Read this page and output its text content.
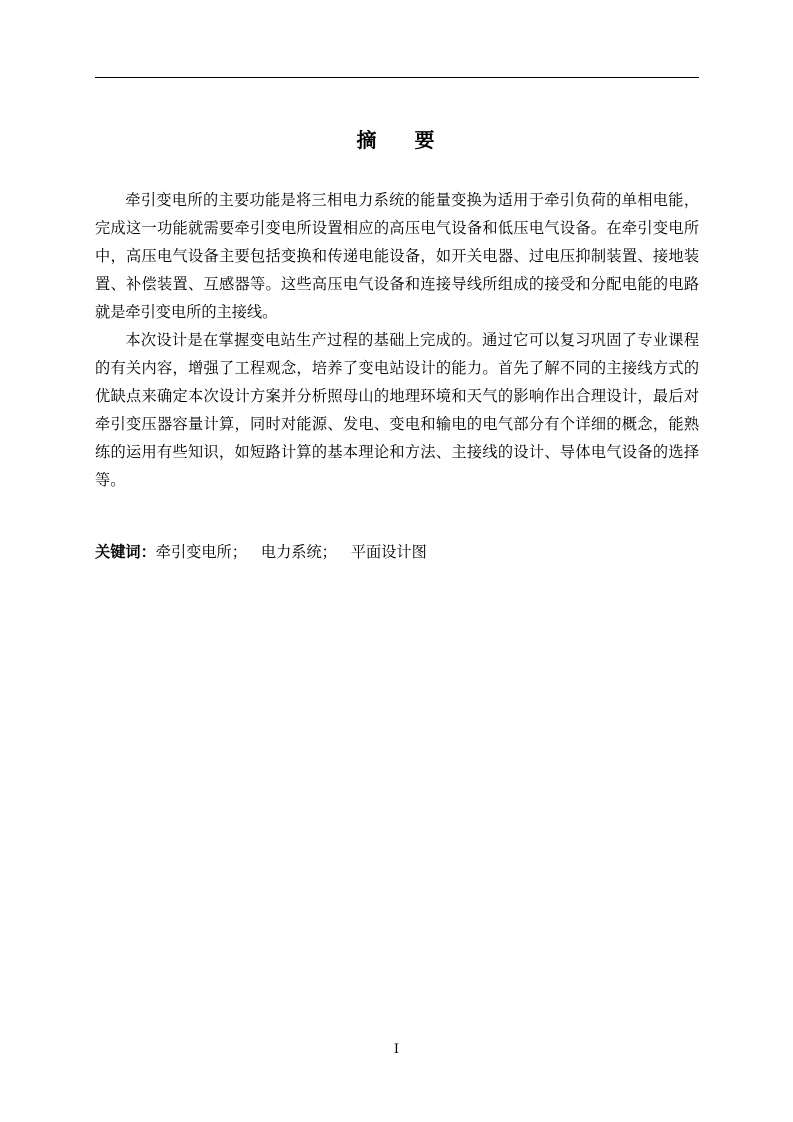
摘 要

牵引变电所的主要功能是将三相电力系统的能量变换为适用于牵引负荷的单相电能，完成这一功能就需要牵引变电所设置相应的高压电气设备和低压电气设备。在牵引变电所中，高压电气设备主要包括变换和传递电能设备，如开关电器、过电压抑制装置、接地装置、补偿装置、互感器等。这些高压电气设备和连接导线所组成的接受和分配电能的电路就是牵引变电所的主接线。

本次设计是在掌握变电站生产过程的基础上完成的。通过它可以复习巩固了专业课程的有关内容，增强了工程观念，培养了变电站设计的能力。首先了解不同的主接线方式的优缺点来确定本次设计方案并分析照母山的地理环境和天气的影响作出合理设计，最后对牵引变压器容量计算，同时对能源、发电、变电和输电的电气部分有个详细的概念，能熟练的运用有些知识，如短路计算的基本理论和方法、主接线的设计、导体电气设备的选择等。

关键词：牵引变电所； 电力系统； 平面设计图
I
